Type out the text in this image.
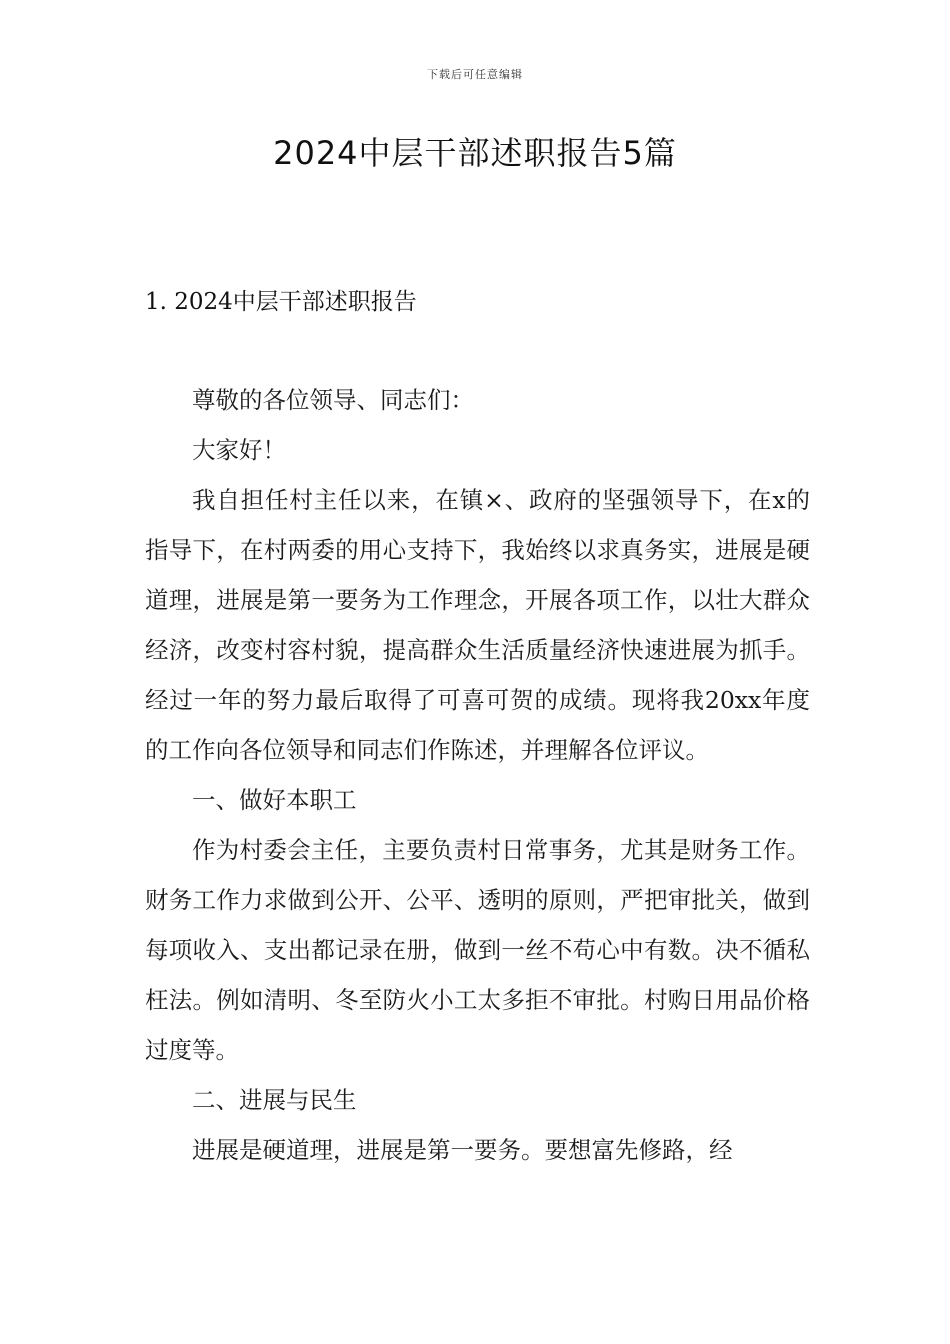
下载后可任意编辑
2024中层干部述职报告5篇
1. 2024中层干部述职报告

尊敬的各位领导、同志们：

大家好！

我自担任村主任以来，在镇×、政府的坚强领导下，在x的指导下，在村两委的用心支持下，我始终以求真务实，进展是硬道理，进展是第一要务为工作理念，开展各项工作，以壮大群众经济，改变村容村貌，提高群众生活质量经济快速进展为抓手。经过一年的努力最后取得了可喜可贺的成绩。现将我20xx年度的工作向各位领导和同志们作陈述，并理解各位评议。

一、做好本职工

作为村委会主任，主要负责村日常事务，尤其是财务工作。财务工作力求做到公开、公平、透明的原则，严把审批关，做到每项收入、支出都记录在册，做到一丝不苟心中有数。决不循私枉法。例如清明、冬至防火小工太多拒不审批。村购日用品价格过度等。

二、进展与民生

进展是硬道理，进展是第一要务。要想富先修路，经
